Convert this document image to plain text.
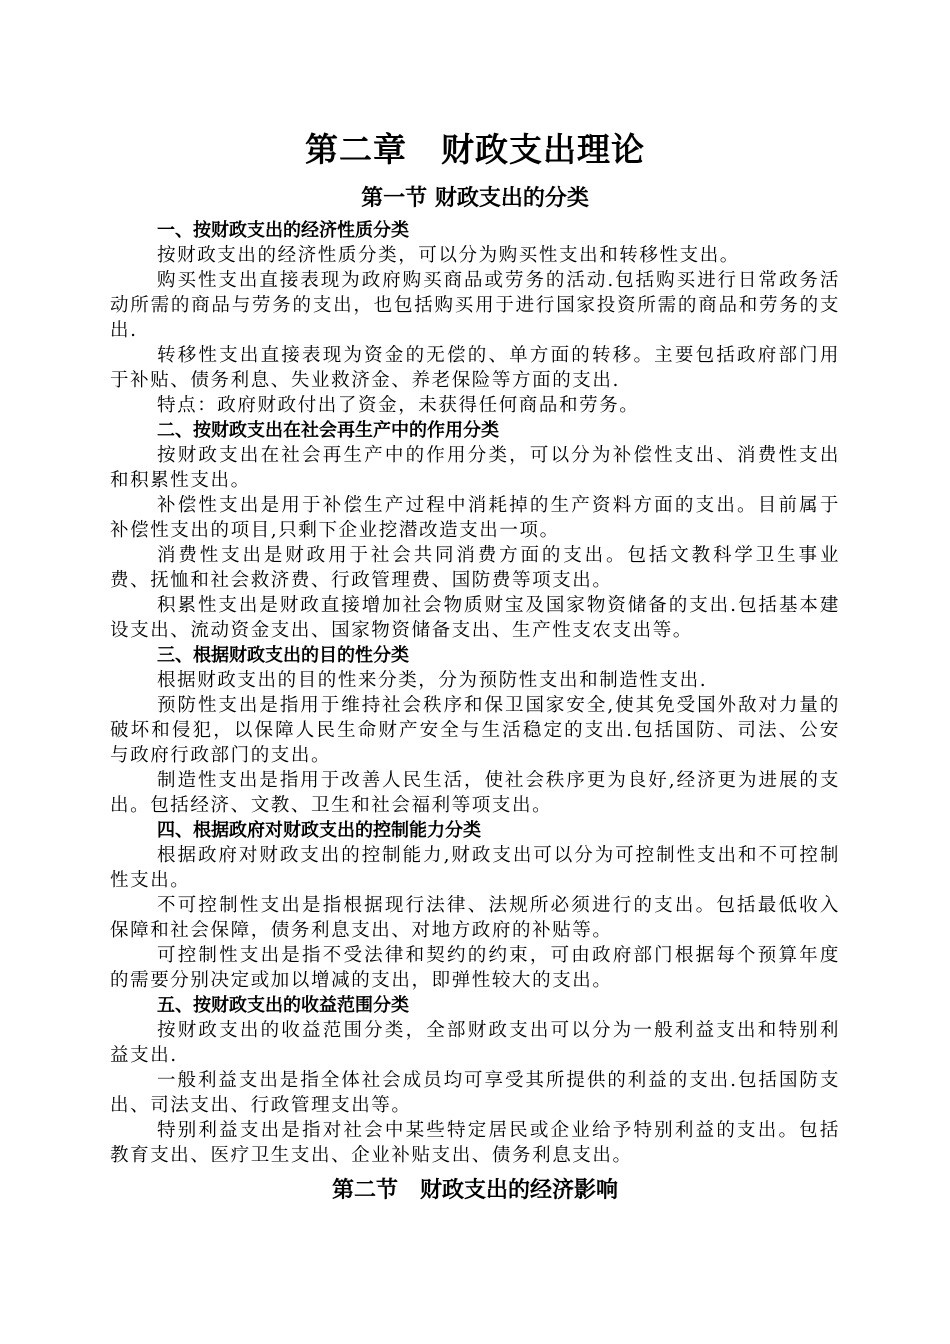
第二章　财政支出理论
第一节 财政支出的分类

一、按财政支出的经济性质分类

按财政支出的经济性质分类，可以分为购买性支出和转移性支出。

购买性支出直接表现为政府购买商品或劳务的活动.包括购买进行日常政务活动所需的商品与劳务的支出，也包括购买用于进行国家投资所需的商品和劳务的支出.

转移性支出直接表现为资金的无偿的、单方面的转移。主要包括政府部门用于补贴、债务利息、失业救济金、养老保险等方面的支出.

特点：政府财政付出了资金，未获得任何商品和劳务。

二、按财政支出在社会再生产中的作用分类

按财政支出在社会再生产中的作用分类，可以分为补偿性支出、消费性支出和积累性支出。

补偿性支出是用于补偿生产过程中消耗掉的生产资料方面的支出。目前属于补偿性支出的项目,只剩下企业挖潜改造支出一项。

消费性支出是财政用于社会共同消费方面的支出。包括文教科学卫生事业费、抚恤和社会救济费、行政管理费、国防费等项支出。

积累性支出是财政直接增加社会物质财宝及国家物资储备的支出.包括基本建设支出、流动资金支出、国家物资储备支出、生产性支农支出等。

三、根据财政支出的目的性分类

根据财政支出的目的性来分类，分为预防性支出和制造性支出.

预防性支出是指用于维持社会秩序和保卫国家安全,使其免受国外敌对力量的破坏和侵犯，以保障人民生命财产安全与生活稳定的支出.包括国防、司法、公安与政府行政部门的支出。

制造性支出是指用于改善人民生活，使社会秩序更为良好,经济更为进展的支出。包括经济、文教、卫生和社会福利等项支出。

四、根据政府对财政支出的控制能力分类

根据政府对财政支出的控制能力,财政支出可以分为可控制性支出和不可控制性支出。

不可控制性支出是指根据现行法律、法规所必须进行的支出。包括最低收入保障和社会保障，债务利息支出、对地方政府的补贴等。

可控制性支出是指不受法律和契约的约束，可由政府部门根据每个预算年度的需要分别决定或加以增减的支出，即弹性较大的支出。

五、按财政支出的收益范围分类

按财政支出的收益范围分类，全部财政支出可以分为一般利益支出和特别利益支出.

一般利益支出是指全体社会成员均可享受其所提供的利益的支出.包括国防支出、司法支出、行政管理支出等。

特别利益支出是指对社会中某些特定居民或企业给予特别利益的支出。包括教育支出、医疗卫生支出、企业补贴支出、债务利息支出。

第二节　财政支出的经济影响
